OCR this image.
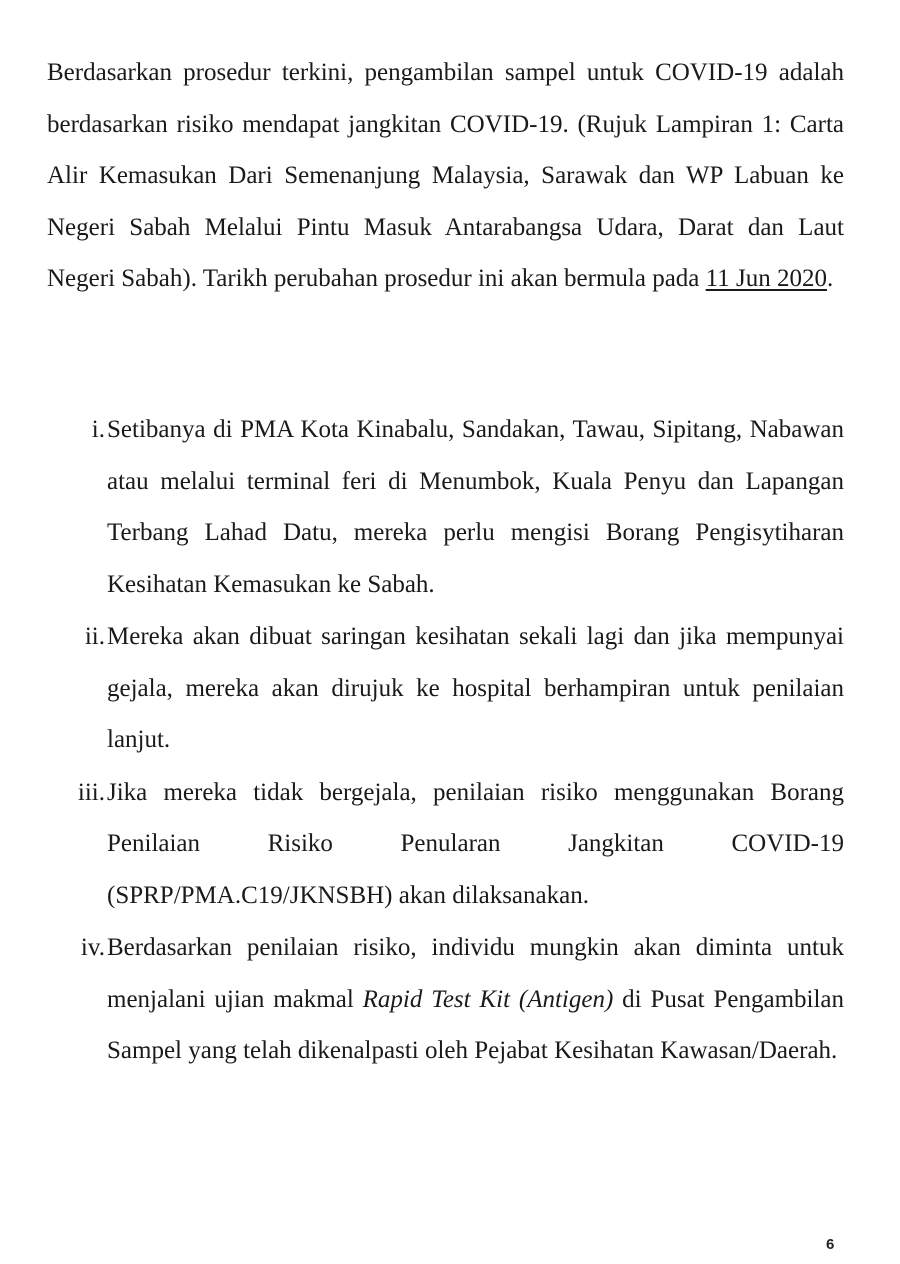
Berdasarkan prosedur terkini, pengambilan sampel untuk COVID-19 adalah berdasarkan risiko mendapat jangkitan COVID-19. (Rujuk Lampiran 1: Carta Alir Kemasukan Dari Semenanjung Malaysia, Sarawak dan WP Labuan ke Negeri Sabah Melalui Pintu Masuk Antarabangsa Udara, Darat dan Laut Negeri Sabah). Tarikh perubahan prosedur ini akan bermula pada 11 Jun 2020.

i. Setibanya di PMA Kota Kinabalu, Sandakan, Tawau, Sipitang, Nabawan atau melalui terminal feri di Menumbok, Kuala Penyu dan Lapangan Terbang Lahad Datu, mereka perlu mengisi Borang Pengisytiharan Kesihatan Kemasukan ke Sabah.
ii. Mereka akan dibuat saringan kesihatan sekali lagi dan jika mempunyai gejala, mereka akan dirujuk ke hospital berhampiran untuk penilaian lanjut.
iii. Jika mereka tidak bergejala, penilaian risiko menggunakan Borang Penilaian Risiko Penularan Jangkitan COVID-19 (SPRP/PMA.C19/JKNSBH) akan dilaksanakan.
iv. Berdasarkan penilaian risiko, individu mungkin akan diminta untuk menjalani ujian makmal Rapid Test Kit (Antigen) di Pusat Pengambilan Sampel yang telah dikenalpasti oleh Pejabat Kesihatan Kawasan/Daerah.
6
